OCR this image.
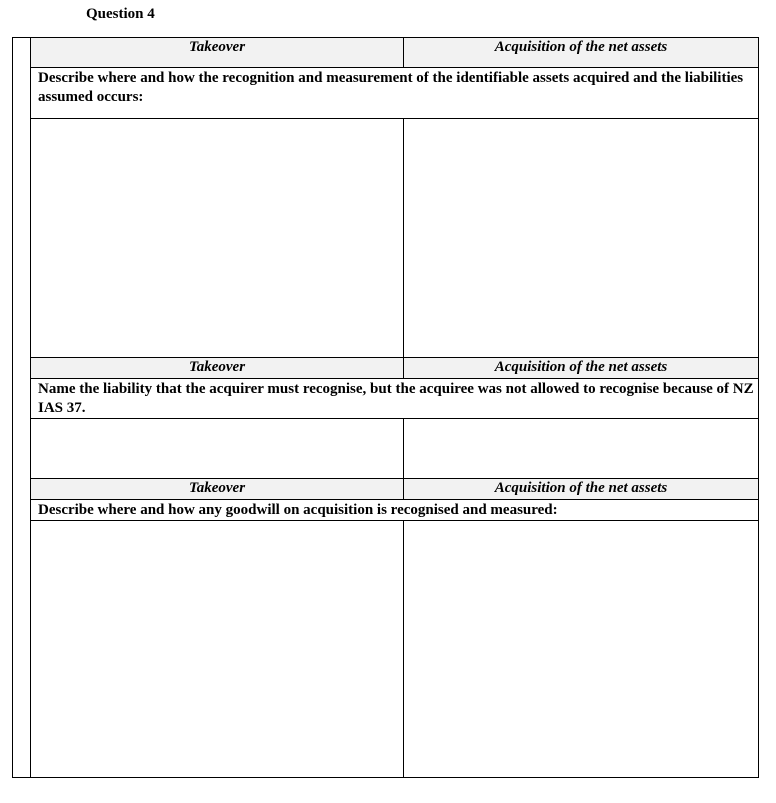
Question 4
Takeover	Acquisition of the net assets
Describe where and how the recognition and measurement of the identifiable assets acquired and the liabilities assumed occurs:
Takeover	Acquisition of the net assets
Name the liability that the acquirer must recognise, but the acquiree was not allowed to recognise because of NZ IAS 37.
Takeover	Acquisition of the net assets
Describe where and how any goodwill on acquisition is recognised and measured:
